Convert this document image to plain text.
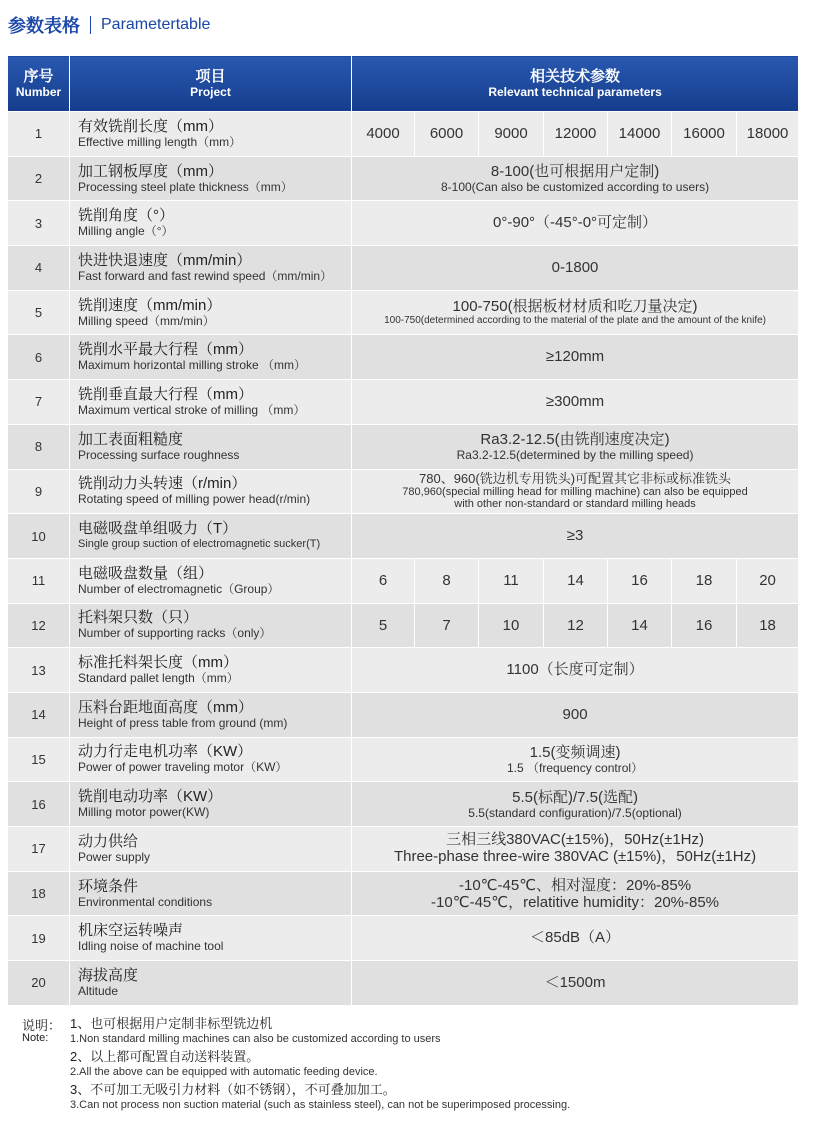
参数表格 Parametertable
序号
Number	项目
Project	相关技术参数
Relevant technical parameters						

1	有效铣削长度（mm）
Effective milling length（mm）	4000	6000	9000	12000	14000	16000	18000
2	加工钢板厚度（mm）
Processing steel plate thickness（mm）	8-100(也可根据用户定制)
8-100(Can also be customized according to users)						

3	铣削角度（°）
Milling angle（°）	0°-90°（-45°-0°可定制）						

4	快进快退速度（mm/min）
Fast forward and fast rewind speed（mm/min）	0-1800						

5	铣削速度（mm/min）
Milling speed（mm/min）	100-750(根据板材材质和吃刀量决定)
100-750(determined according to the material of the plate and the amount of the knife)						

6	铣削水平最大行程（mm）
Maximum horizontal milling stroke （mm）	≥120mm						

7	铣削垂直最大行程（mm）
Maximum vertical stroke of milling （mm）	≥300mm						

8	加工表面粗糙度
Processing surface roughness	Ra3.2-12.5(由铣削速度决定)
Ra3.2-12.5(determined by the milling speed)						

9	铣削动力头转速（r/min）
Rotating speed of milling power head(r/min)	780、960(铣边机专用铣头)可配置其它非标或标准铣头
780,960(special milling head for milling machine) can also be equipped
with other non-standard or standard milling heads						

10	电磁吸盘单组吸力（T）
Single group suction of electromagnetic sucker(T)	≥3						

11	电磁吸盘数量（组）
Number of electromagnetic（Group）	6	8	11	14	16	18	20
12	托料架只数（只）
Number of supporting racks（only）	5	7	10	12	14	16	18
13	标准托料架长度（mm）
Standard pallet length（mm）	1100（长度可定制）						

14	压料台距地面高度（mm）
Height of press table from ground (mm)	900						

15	动力行走电机功率（KW）
Power of power traveling motor（KW）	1.5(变频调速)
1.5 （frequency control）						

16	铣削电动功率（KW）
Milling motor power(KW)	5.5(标配)/7.5(选配)
5.5(standard configuration)/7.5(optional)						

17	动力供给
Power supply	三相三线380VAC(±15%)，50Hz(±1Hz)
Three-phase three-wire 380VAC (±15%)，50Hz(±1Hz)						

18	环境条件
Environmental conditions	-10℃-45℃、相对湿度：20%-85%
-10℃-45℃，relatitive humidity：20%-85%						

19	机床空运转噪声
Idling noise of machine tool	＜85dB（A）						

20	海拔高度
Altitude	＜1500m						
说明： 1、也可根据用户定制非标型铣边机
Note: 1.Non standard milling machines can also be customized according to users
2、以上都可配置自动送料装置。
2.All the above can be equipped with automatic feeding device.
3、不可加工无吸引力材料（如不锈钢），不可叠加加工。
3.Can not process non suction material (such as stainless steel), can not be superimposed processing.
